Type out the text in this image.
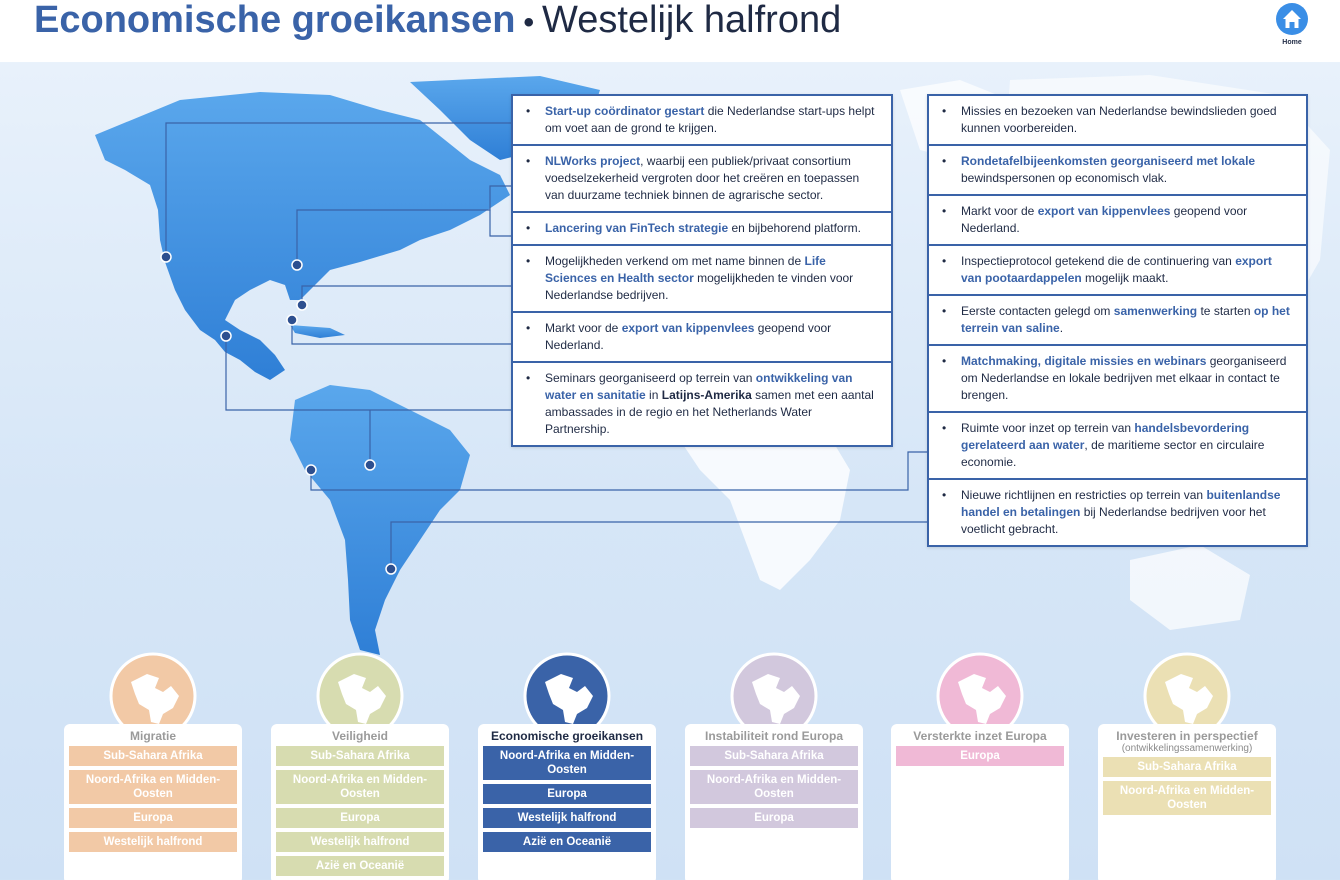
Economische groeikansen • Westelijk halfrond
Home
• Start-up coördinator gestart die Nederlandse start-ups helpt om voet aan de grond te krijgen.
• NLWorks project, waarbij een publiek/privaat consortium voedselzekerheid vergroten door het creëren en toepassen van duurzame techniek binnen de agrarische sector.
• Lancering van FinTech strategie en bijbehorend platform.
• Mogelijkheden verkend om met name binnen de Life Sciences en Health sector mogelijkheden te vinden voor Nederlandse bedrijven.
• Markt voor de export van kippenvlees geopend voor Nederland.
• Seminars georganiseerd op terrein van ontwikkeling van water en sanitatie in Latijns-Amerika samen met een aantal ambassades in de regio en het Netherlands Water Partnership.
• Missies en bezoeken van Nederlandse bewindslieden goed kunnen voorbereiden.
• Rondetafelbijeenkomsten georganiseerd met lokale bewindspersonen op economisch vlak.
• Markt voor de export van kippenvlees geopend voor Nederland.
• Inspectieprotocol getekend die de continuering van export van pootaardappelen mogelijk maakt.
• Eerste contacten gelegd om samenwerking te starten op het terrein van saline.
• Matchmaking, digitale missies en webinars georganiseerd om Nederlandse en lokale bedrijven met elkaar in contact te brengen.
• Ruimte voor inzet op terrein van handelsbevordering gerelateerd aan water, de maritieme sector en circulaire economie.
• Nieuwe richtlijnen en restricties op terrein van buitenlandse handel en betalingen bij Nederlandse bedrijven voor het voetlicht gebracht.
Migratie
Sub-Sahara Afrika
Noord-Afrika en Midden-Oosten
Europa
Westelijk halfrond
Veiligheid
Sub-Sahara Afrika
Noord-Afrika en Midden-Oosten
Europa
Westelijk halfrond
Azië en Oceanië
Economische groeikansen
Noord-Afrika en Midden-Oosten
Europa
Westelijk halfrond
Azië en Oceanië
Instabiliteit rond Europa
Sub-Sahara Afrika
Noord-Afrika en Midden-Oosten
Europa
Versterkte inzet Europa
Europa
Investeren in perspectief
(ontwikkelingssamenwerking)
Sub-Sahara Afrika
Noord-Afrika en Midden-Oosten
